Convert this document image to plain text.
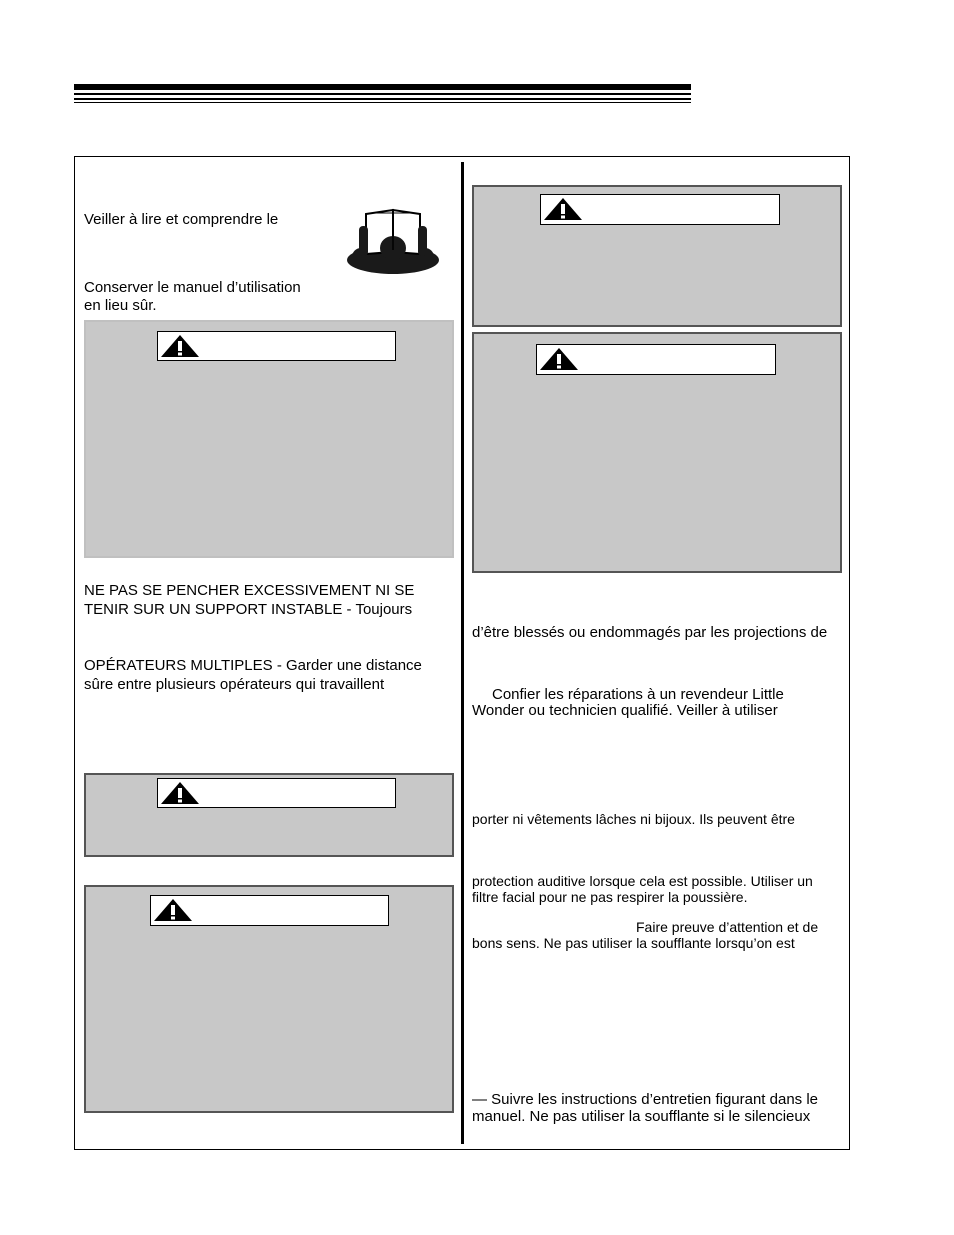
Veiller à lire et comprendre le
Conserver le manuel d’utilisation
en lieu sûr.
NE PAS SE PENCHER EXCESSIVEMENT NI SE
TENIR SUR UN SUPPORT INSTABLE - Toujours
OPÉRATEURS MULTIPLES - Garder une distance
sûre entre plusieurs opérateurs qui travaillent
d’être blessés ou endommagés par les projections de
Confier les réparations à un revendeur Little
Wonder ou technicien qualifié. Veiller à utiliser
porter ni vêtements lâches ni bijoux. Ils peuvent être
protection auditive lorsque cela est possible. Utiliser un
filtre facial pour ne pas respirer la poussière.
Faire preuve d’attention et de
bons sens. Ne pas utiliser la soufflante lorsqu’on est
— Suivre les instructions d’entretien figurant dans le
manuel. Ne pas utiliser la soufflante si le silencieux
